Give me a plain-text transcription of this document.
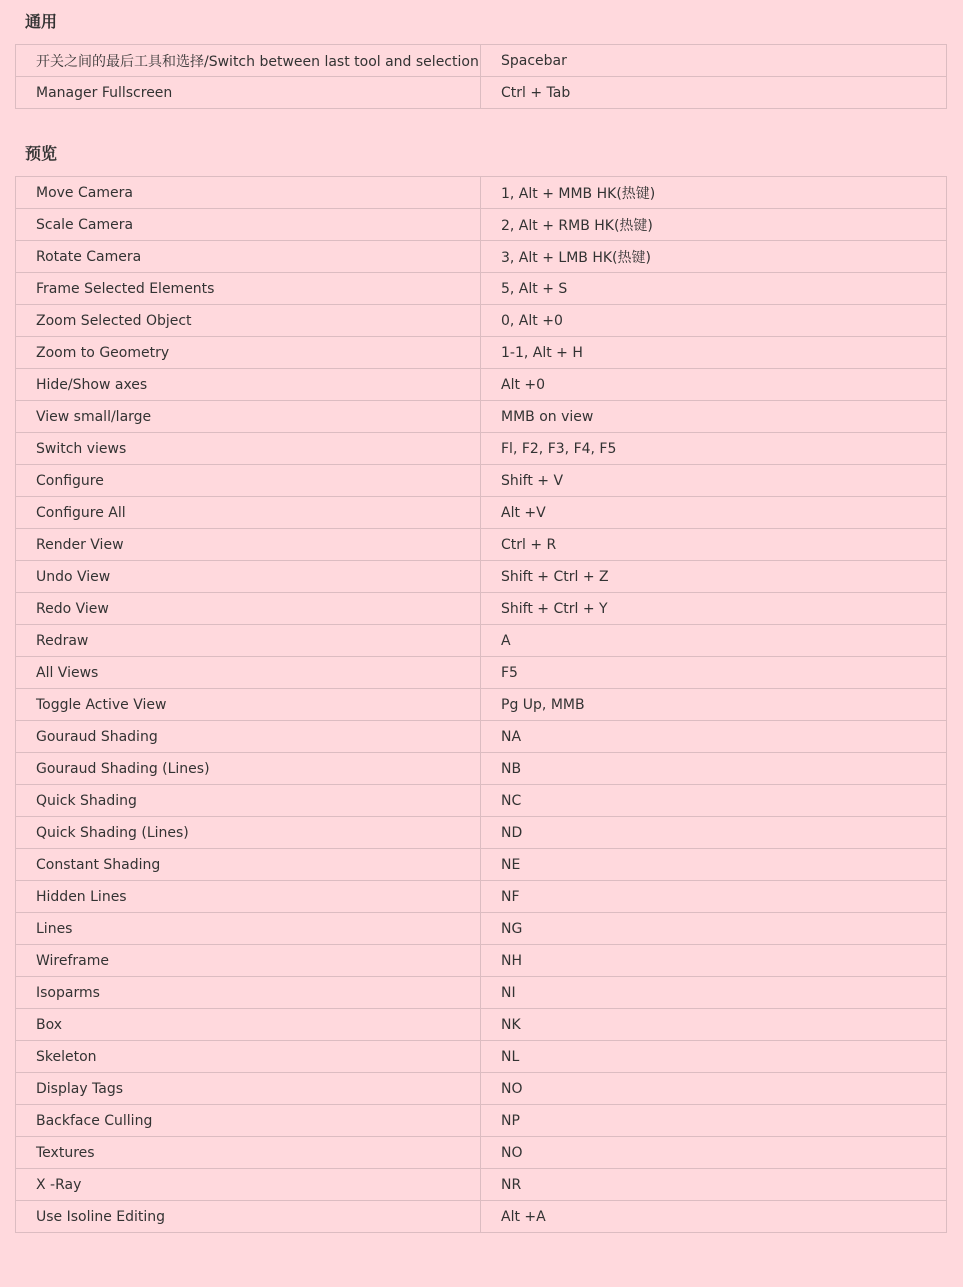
通用
开关之间的最后工具和选择/Switch between last tool and selection	Spacebar
Manager Fullscreen	Ctrl + Tab
预览
Move Camera	1, Alt + MMB HK(热键)
Scale Camera	2, Alt + RMB HK(热键)
Rotate Camera	3, Alt + LMB HK(热键)
Frame Selected Elements	5, Alt + S
Zoom Selected Object	0, Alt +0
Zoom to Geometry	1-1, Alt + H
Hide/Show axes	Alt +0
View small/large	MMB on view
Switch views	Fl, F2, F3, F4, F5
Configure	Shift + V
Configure All	Alt +V
Render View	Ctrl + R
Undo View	Shift + Ctrl + Z
Redo View	Shift + Ctrl + Y
Redraw	A
All Views	F5
Toggle Active View	Pg Up, MMB
Gouraud Shading	NA
Gouraud Shading (Lines)	NB
Quick Shading	NC
Quick Shading (Lines)	ND
Constant Shading	NE
Hidden Lines	NF
Lines	NG
Wireframe	NH
Isoparms	NI
Box	NK
Skeleton	NL
Display Tags	NO
Backface Culling	NP
Textures	NO
X -Ray	NR
Use Isoline Editing	Alt +A
